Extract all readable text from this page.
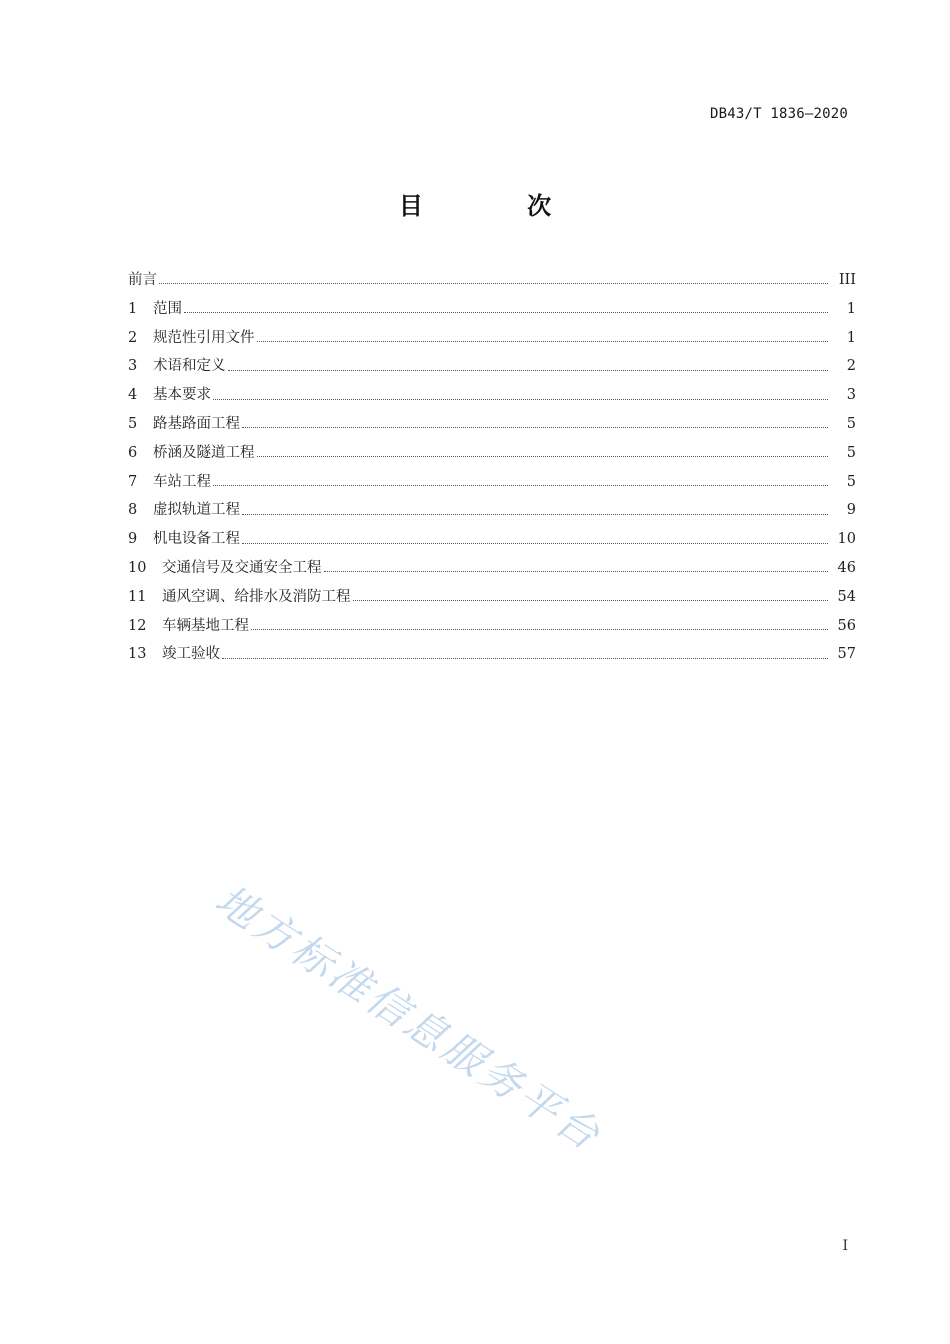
DB43/T 1836—2020
目 次
前言	III
1	范围	1
2	规范性引用文件	1
3	术语和定义	2
4	基本要求	3
5	路基路面工程	5
6	桥涵及隧道工程	5
7	车站工程	5
8	虚拟轨道工程	9
9	机电设备工程	10
10	交通信号及交通安全工程	46
11	通风空调、给排水及消防工程	54
12	车辆基地工程	56
13	竣工验收	57
地方标准信息服务平台
I
